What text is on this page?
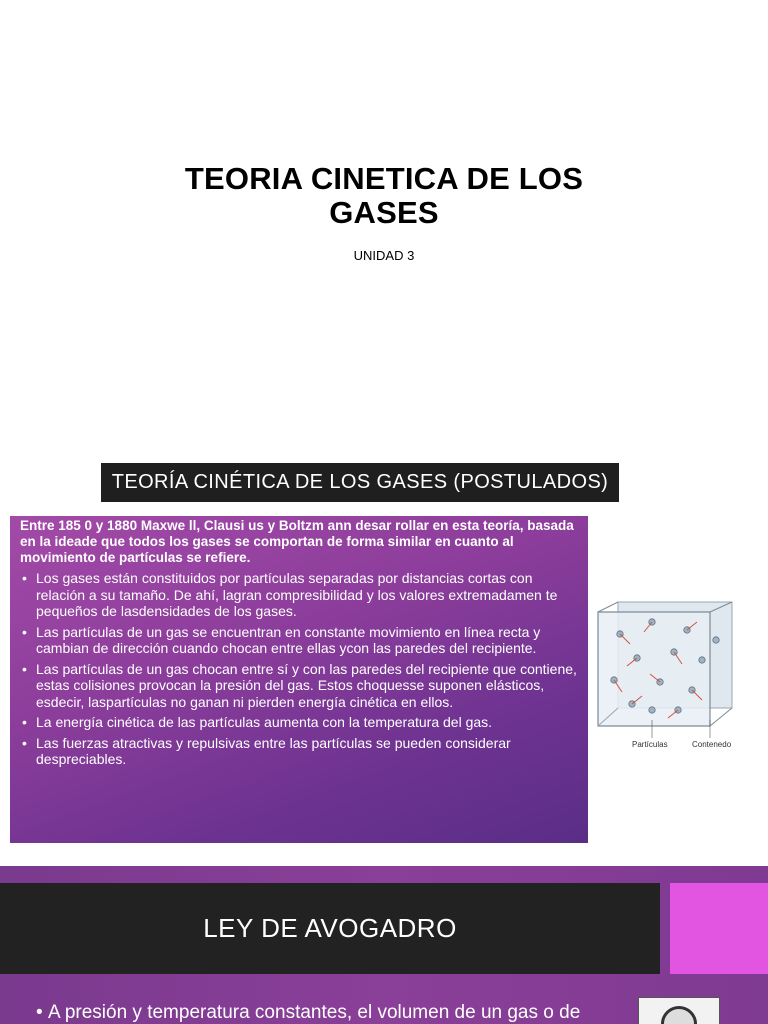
TEORIA CINETICA DE LOS GASES
UNIDAD 3
TEORÍA CINÉTICA DE LOS GASES (POSTULADOS)

Entre 185 0 y 1880 Maxwe ll, Clausi us y Boltzm ann desar rollar en esta teoría, basada en la ideade que todos los gases se comportan de forma similar en cuanto al movimiento de partículas se refiere.

• Los gases están constituidos por partículas separadas por distancias cortas con relación a su tamaño. De ahí, lagran compresibilidad y los valores extremadamen te pequeños de lasdensidades de los gases.
• Las partículas de un gas se encuentran en constante movimiento en línea recta y cambian de dirección cuando chocan entre ellas ycon las paredes del recipiente.
• Las partículas de un gas chocan entre sí y con las paredes del recipiente que contiene, estas colisiones provocan la presión del gas. Estos choquesse suponen elásticos, esdecir, laspartículas no ganan ni pierden energía cinética en ellos.
• La energía cinética de las partículas aumenta con la temperatura del gas.
• Las fuerzas atractivas y repulsivas entre las partículas se pueden considerar despreciables.
Partículas	Contenedo
LEY DE AVOGADRO
• A presión y temperatura constantes, el volumen de un gas o de
